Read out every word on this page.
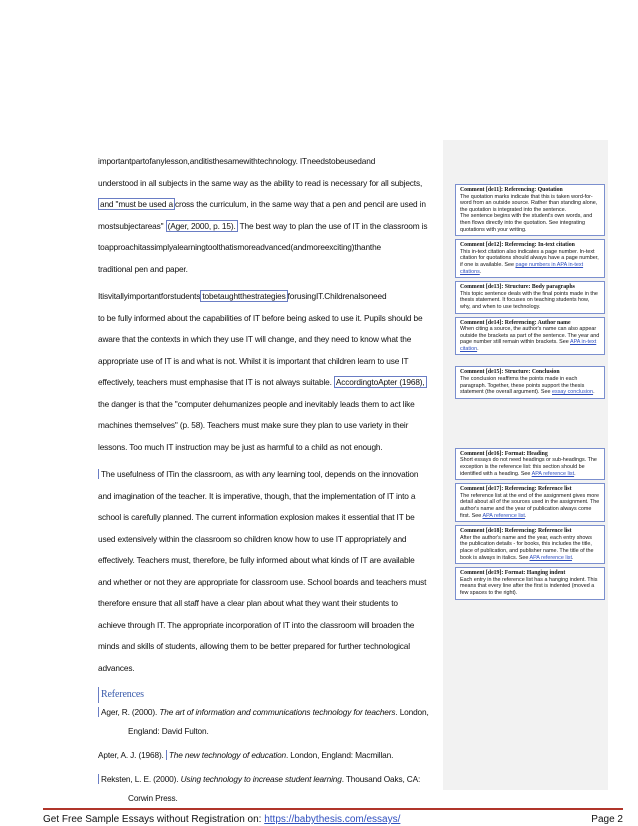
importantpartofanylesson,anditisthesamewithtechnology. ITneedstobeusedand
understood in all subjects in the same way as the ability to read is necessary for all subjects,
and "must be used a cross the curriculum, in the same way that a pen and pencil are used in
mostsubjectareas" (Ager, 2000, p. 15). The best way to plan the use of IT in the classroom is
toapproachitassimplyalearningtoolthatismoreadvanced(andmoreexciting)thanthe
traditional pen and paper.

Itisvitallyimportantforstudents tobetaughtthestrategies forusingIT.Childrenalsoneed
to be fully informed about the capabilities of IT before being asked to use it. Pupils should be
aware that the contexts in which they use IT will change, and they need to know what the
appropriate use of IT is and what is not. Whilst it is important that children learn to use IT
effectively, teachers must emphasise that IT is not always suitable. AccordingtoApter (1968),
the danger is that the "computer dehumanizes people and inevitably leads them to act like
machines themselves" (p. 58). Teachers must make sure they plan to use variety in their
lessons. Too much IT instruction may be just as harmful to a child as not enough.

The usefulness of ITin the classroom, as with any learning tool, depends on the innovation
and imagination of the teacher. It is imperative, though, that the implementation of IT into a
school is carefully planned. The current information explosion makes it essential that IT be
used extensively within the classroom so children know how to use IT appropriately and
effectively. Teachers must, therefore, be fully informed about what kinds of IT are available
and whether or not they are appropriate for classroom use. School boards and teachers must
therefore ensure that all staff have a clear plan about what they want their students to
achieve through IT. The appropriate incorporation of IT into the classroom will broaden the
minds and skills of students, allowing them to be better prepared for further technological
advances.

References
Ager, R. (2000). The art of information and communications technology for teachers. London,
England: David Fulton.
Apter, A. J. (1968). The new technology of education. London, England: Macmillan.
Reksten, L. E. (2000). Using technology to increase student learning. Thousand Oaks, CA:
Corwin Press.
Comment [de11]: Referencing: Quotation
The quotation marks indicate that this is taken word-for-word from an outside source. Rather than standing alone, the quotation is integrated into the sentence.
The sentence begins with the student's own words, and then flows directly into the quotation. See integrating quotations with your writing.
Comment [de12]: Referencing: In-text citation
This in-text citation also indicates a page number. In-text citation for quotations should always have a page number, if one is available. See page numbers in APA in-text citations.
Comment [de13]: Structure: Body paragraphs
This topic sentence deals with the final points made in the thesis statement. It focuses on teaching students how, why, and when to use technology.
Comment [de14]: Referencing: Author name
When citing a source, the author's name can also appear outside the brackets as part of the sentence. The year and page number still remain within brackets. See APA in-text citation.
Comment [de15]: Structure: Conclusion
The conclusion reaffirms the points made in each paragraph. Together, these points support the thesis statement (the overall argument). See essay conclusion.
Comment [de16]: Format: Heading
Short essays do not need headings or sub-headings. The exception is the reference list: this section should be identified with a heading. See APA reference list.
Comment [de17]: Referencing: Reference list
The reference list at the end of the assignment gives more detail about all of the sources used in the assignment. The author's name and the year of publication always come first. See APA reference list.
Comment [de18]: Referencing: Reference list
After the author's name and the year, each entry shows the publication details - for books, this includes the title, place of publication, and publisher name. The title of the book is always in italics. See APA reference list.
Comment [de19]: Format: Hanging indent
Each entry in the reference list has a hanging indent. This means that every line after the first is indented (moved a few spaces to the right).
Get Free Sample Essays without Registration on: https://babythesis.com/essays/	Page 2
